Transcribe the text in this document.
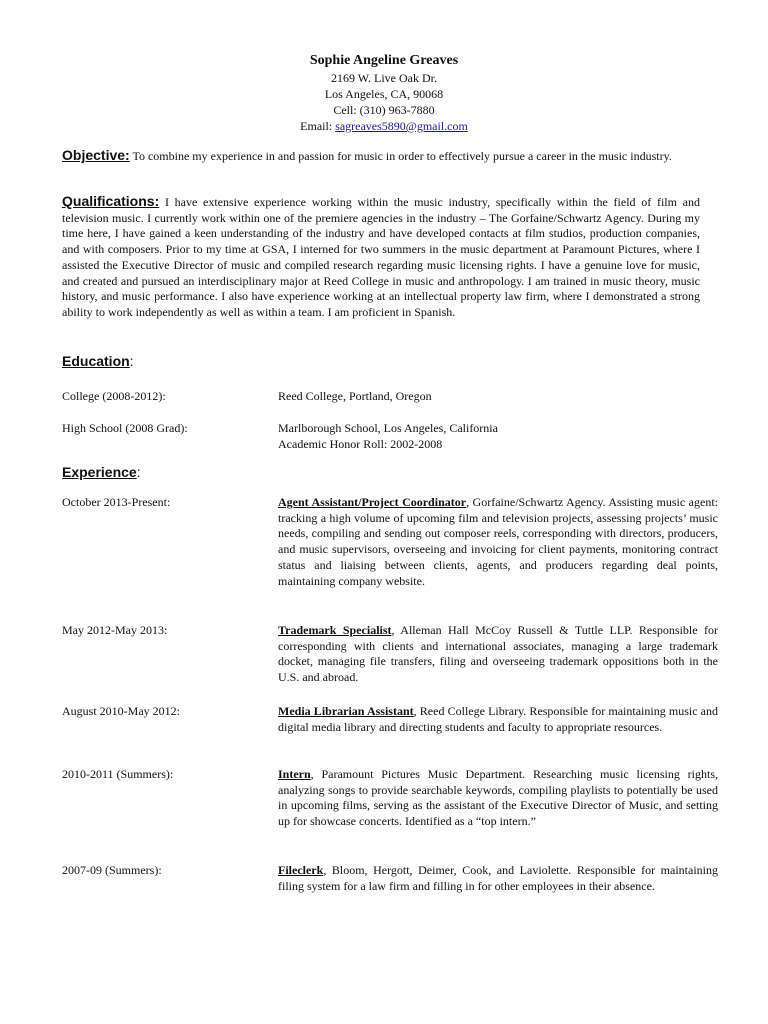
Sophie Angeline Greaves
2169 W. Live Oak Dr.
Los Angeles, CA, 90068
Cell: (310) 963-7880
Email: sagreaves5890@gmail.com
Objective: To combine my experience in and passion for music in order to effectively pursue a career in the music industry.
Qualifications: I have extensive experience working within the music industry, specifically within the field of film and television music. I currently work within one of the premiere agencies in the industry – The Gorfaine/Schwartz Agency. During my time here, I have gained a keen understanding of the industry and have developed contacts at film studios, production companies, and with composers. Prior to my time at GSA, I interned for two summers in the music department at Paramount Pictures, where I assisted the Executive Director of music and compiled research regarding music licensing rights. I have a genuine love for music, and created and pursued an interdisciplinary major at Reed College in music and anthropology. I am trained in music theory, music history, and music performance. I also have experience working at an intellectual property law firm, where I demonstrated a strong ability to work independently as well as within a team. I am proficient in Spanish.
Education:
College (2008-2012):	Reed College, Portland, Oregon
High School (2008 Grad):	Marlborough School, Los Angeles, California
Academic Honor Roll: 2002-2008
Experience:
October 2013-Present:	Agent Assistant/Project Coordinator, Gorfaine/Schwartz Agency. Assisting music agent: tracking a high volume of upcoming film and television projects, assessing projects’ music needs, compiling and sending out composer reels, corresponding with directors, producers, and music supervisors, overseeing and invoicing for client payments, monitoring contract status and liaising between clients, agents, and producers regarding deal points, maintaining company website.
May 2012-May 2013:	Trademark Specialist, Alleman Hall McCoy Russell & Tuttle LLP. Responsible for corresponding with clients and international associates, managing a large trademark docket, managing file transfers, filing and overseeing trademark oppositions both in the U.S. and abroad.
August 2010-May 2012:	Media Librarian Assistant, Reed College Library. Responsible for maintaining music and digital media library and directing students and faculty to appropriate resources.
2010-2011 (Summers):	Intern, Paramount Pictures Music Department. Researching music licensing rights, analyzing songs to provide searchable keywords, compiling playlists to potentially be used in upcoming films, serving as the assistant of the Executive Director of Music, and setting up for showcase concerts. Identified as a “top intern.”
2007-09 (Summers):	Fileclerk, Bloom, Hergott, Deimer, Cook, and Laviolette. Responsible for maintaining filing system for a law firm and filling in for other employees in their absence.
